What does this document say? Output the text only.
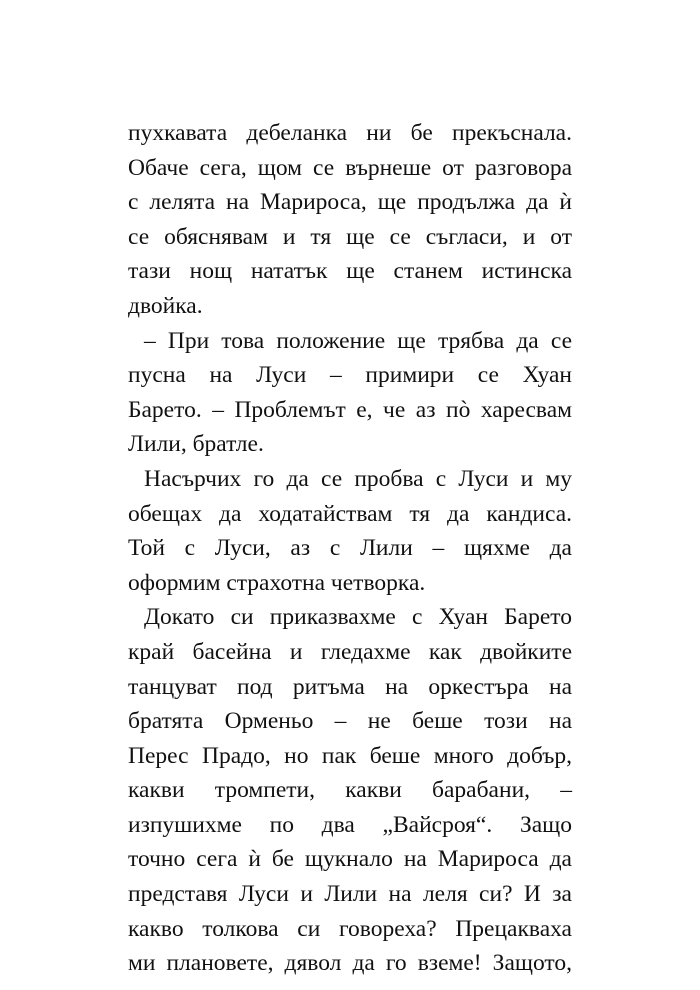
пухкавата дебеланка ни бе прекъснала.
Обаче сега, щом се върнеше от разговора
с лелята на Марироса, ще продължа да ѝ
се обяснявам и тя ще се съгласи, и от
тази нощ нататък ще станем истинска
двойка.
– При това положение ще трябва да се
пусна на Луси – примири се Хуан
Барето. – Проблемът е, че аз пò харесвам
Лили, братле.
Насърчих го да се пробва с Луси и му
обещах да ходатайствам тя да кандиса.
Той с Луси, аз с Лили – щяхме да
оформим страхотна четворка.
Докато си приказвахме с Хуан Барето
край басейна и гледахме как двойките
танцуват под ритъма на оркестъра на
братята Орменьо – не беше този на
Перес Прадо, но пак беше много добър,
какви тромпети, какви барабани, –
изпушихме по два „Вайсроя“. Защо
точно сега ѝ бе щукнало на Марироса да
представя Луси и Лили на леля си? И за
какво толкова си говореха? Прецакваха
ми плановете, дявол да го вземе! Защото,
